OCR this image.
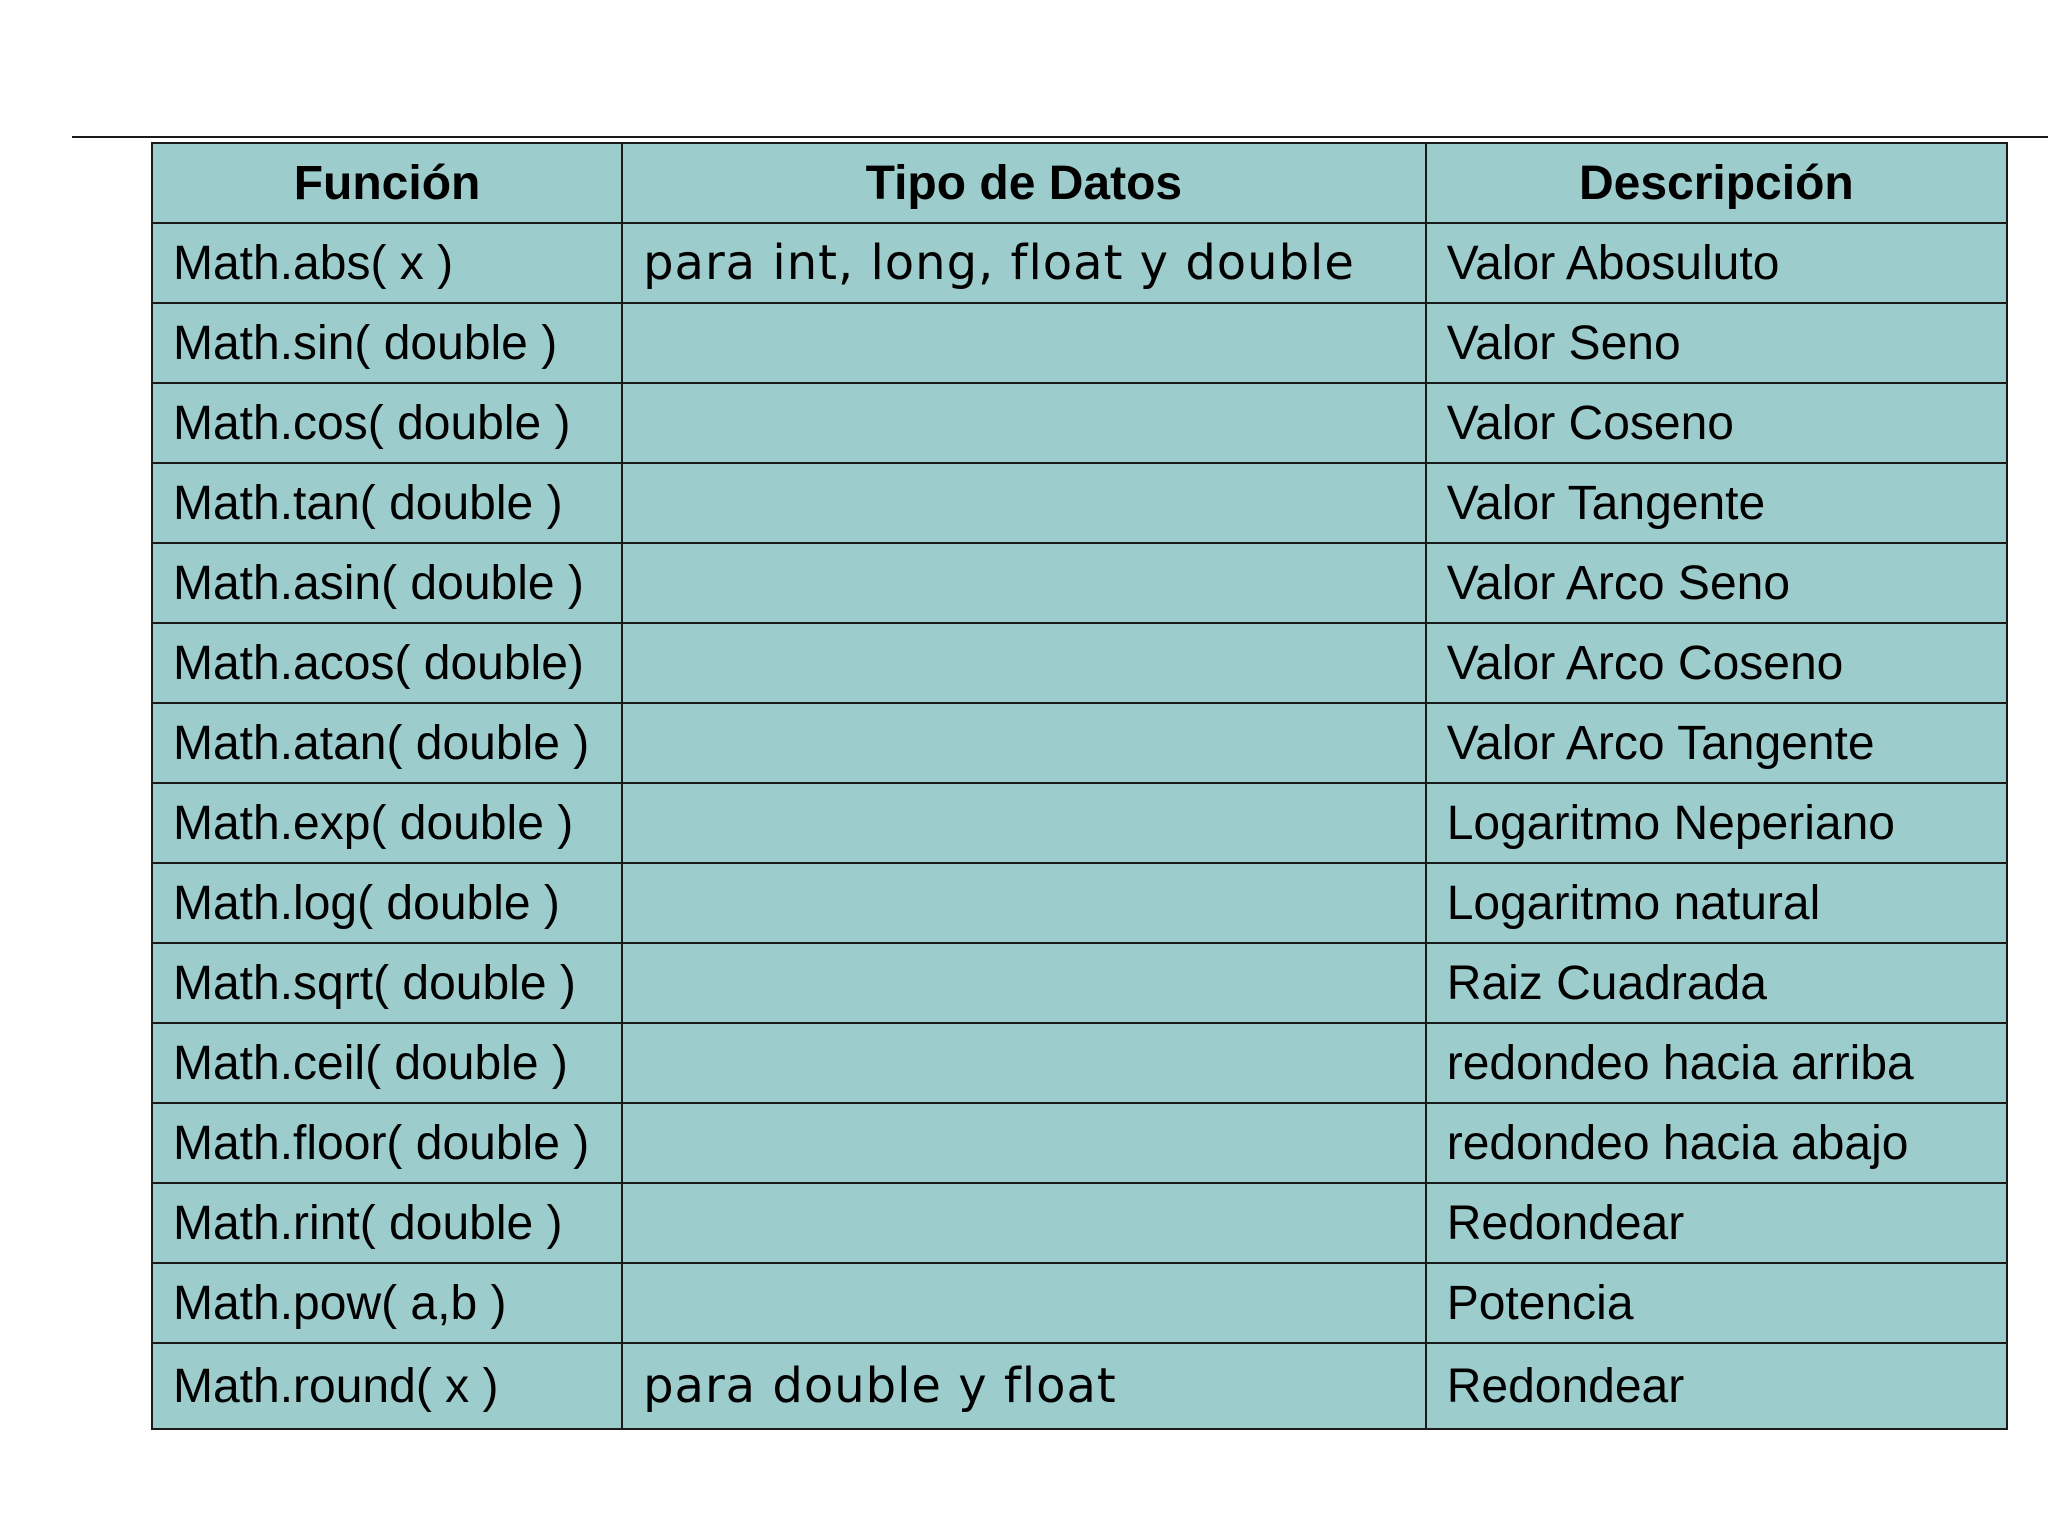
Función	Tipo de Datos	Descripción
Math.abs( x )	para int, long, float y double	Valor Abosuluto
Math.sin( double )		Valor Seno
Math.cos( double )		Valor Coseno
Math.tan( double )		Valor Tangente
Math.asin( double )		Valor Arco Seno
Math.acos( double)		Valor Arco Coseno
Math.atan( double )		Valor Arco Tangente
Math.exp( double )		Logaritmo Neperiano
Math.log( double )		Logaritmo natural
Math.sqrt( double )		Raiz Cuadrada
Math.ceil( double )		redondeo hacia arriba
Math.floor( double )		redondeo hacia abajo
Math.rint( double )		Redondear
Math.pow( a,b )		Potencia
Math.round( x )	para double y float	Redondear
